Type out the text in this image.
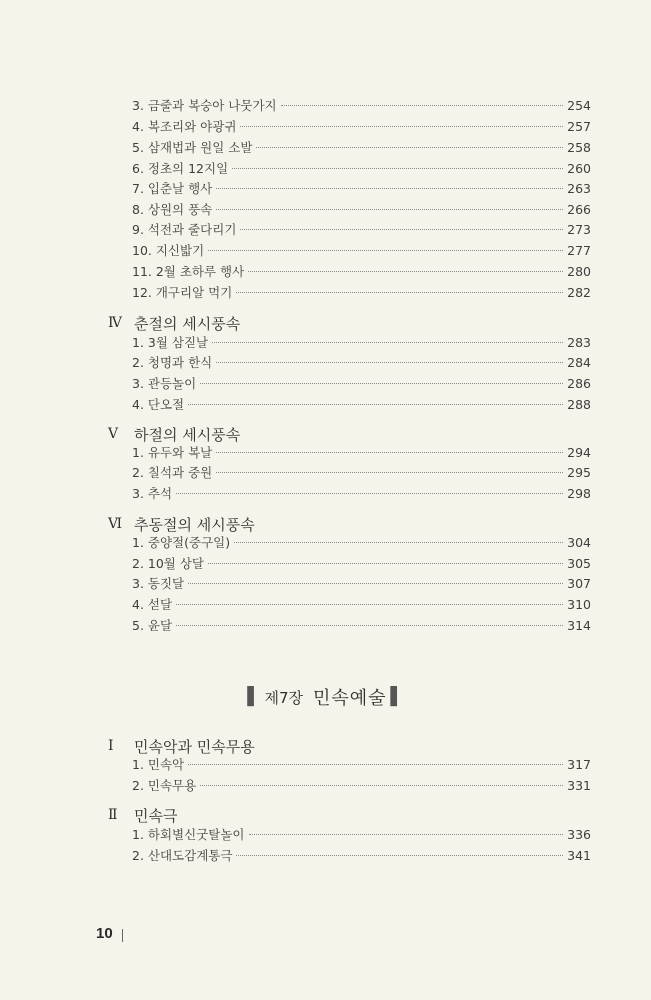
3. 금줄과 복숭아 나뭇가지	254
4. 복조리와 야광귀	257
5. 삼재법과 원일 소발	258
6. 정초의 12지일	260
7. 입춘날 행사	263
8. 상원의 풍속	266
9. 석전과 줄다리기	273
10. 지신밟기	277
11. 2월 초하루 행사	280
12. 개구리알 먹기	282
Ⅳ 춘절의 세시풍속
1. 3월 삼짇날	283
2. 청명과 한식	284
3. 관등놀이	286
4. 단오절	288
Ⅴ	하절의 세시풍속
1. 유두와 복날	294
2. 칠석과 중원	295
3. 추석	298
Ⅵ 추동절의 세시풍속
1. 중양절(중구일)	304
2. 10월 상달	305
3. 동짓달	307
4. 섣달	310
5. 윤달	314
Ⅰ	민속악과 민속무용
1. 민속악	317
2. 민속무용	331
Ⅱ	민속극
1. 하회별신굿탈놀이	336
2. 산대도감계통극	341
▌ 제7장 민속예술 ▌
10
